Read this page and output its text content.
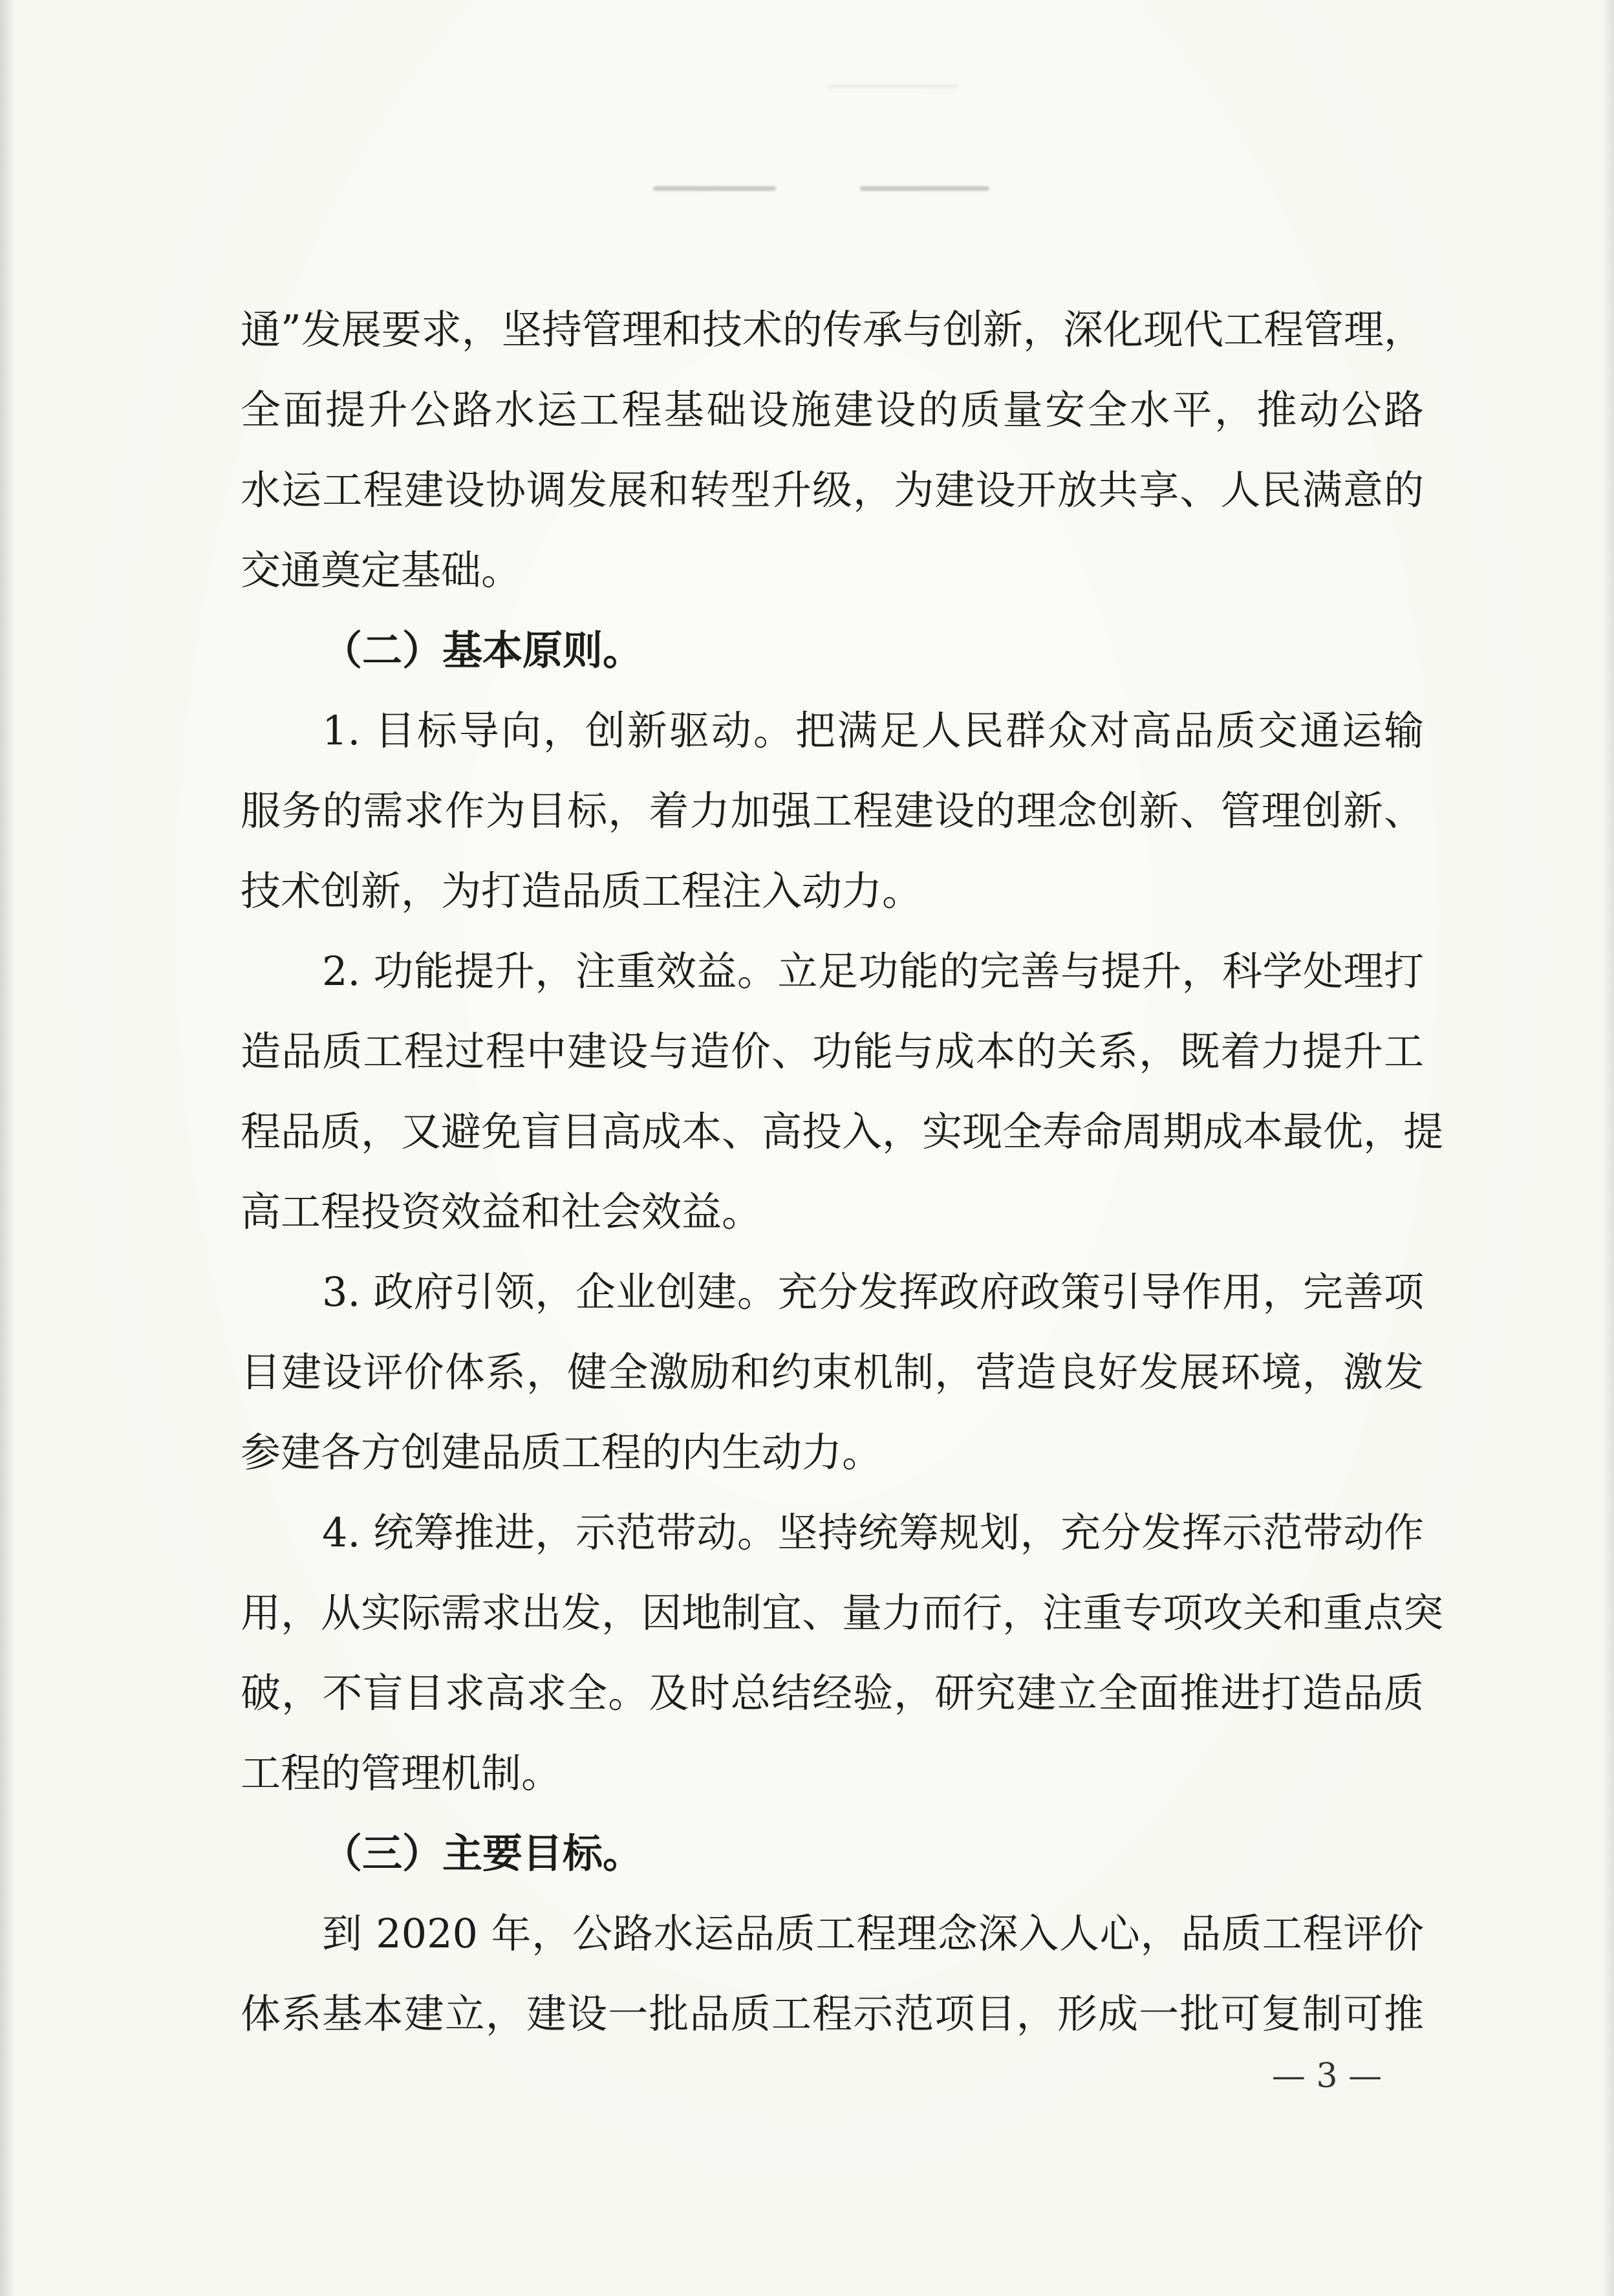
通”发展要求，坚持管理和技术的传承与创新，深化现代工程管理，
全面提升公路水运工程基础设施建设的质量安全水平，推动公路
水运工程建设协调发展和转型升级，为建设开放共享、人民满意的
交通奠定基础。
（二）基本原则。
1. 目标导向，创新驱动。把满足人民群众对高品质交通运输
服务的需求作为目标，着力加强工程建设的理念创新、管理创新、
技术创新，为打造品质工程注入动力。
2. 功能提升，注重效益。立足功能的完善与提升，科学处理打
造品质工程过程中建设与造价、功能与成本的关系，既着力提升工
程品质，又避免盲目高成本、高投入，实现全寿命周期成本最优，提
高工程投资效益和社会效益。
3. 政府引领，企业创建。充分发挥政府政策引导作用，完善项
目建设评价体系，健全激励和约束机制，营造良好发展环境，激发
参建各方创建品质工程的内生动力。
4. 统筹推进，示范带动。坚持统筹规划，充分发挥示范带动作
用，从实际需求出发，因地制宜、量力而行，注重专项攻关和重点突
破，不盲目求高求全。及时总结经验，研究建立全面推进打造品质
工程的管理机制。
（三）主要目标。
到 2020 年，公路水运品质工程理念深入人心，品质工程评价
体系基本建立，建设一批品质工程示范项目，形成一批可复制可推
— 3 —
